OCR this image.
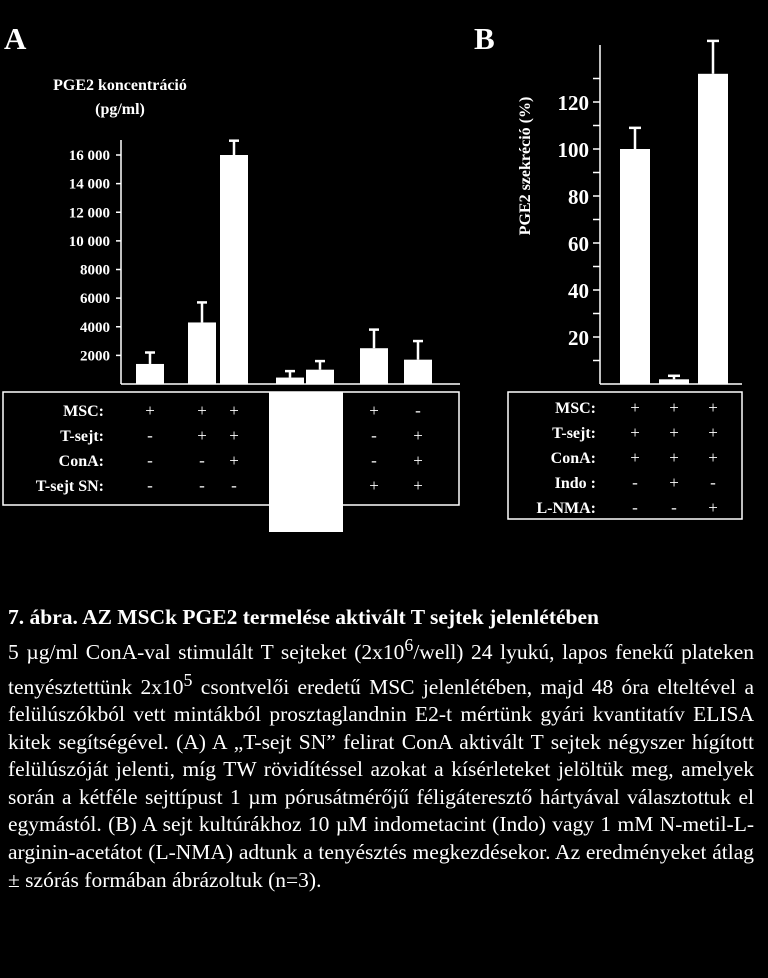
A
PGE2 koncentráció
(pg/ml)
2000
4000
6000
8000
10 000
12 000
14 000
16 000
MSC: + + +	+ -
T-sejt:	-	+ +	- +
ConA:	-	- +	- +
T-sejt SN:	-	- -	+ +
B
PGE2 szekréció (%)
20
40
60
80
100
120
MSC: + + +
T-sejt: + + +
ConA: + + +
Indo : - + -
L-NMA: - - +
7. ábra. AZ MSCk PGE2 termelése aktivált T sejtek jelenlétében
5 µg/ml ConA-val stimulált T sejteket $(2x10^6/well)$ 24 lyukú, lapos fenekű plateken tenyésztettünk $2x10^5$ csontvelői eredetű MSC jelenlétében, majd 48 óra elteltével a felülúszókból vett mintákból prosztaglandnin E2-t mértünk gyári kvantitatív ELISA kitek segítségével. (A) A „T-sejt SN” felirat ConA aktivált T sejtek négyszer hígított felülúszóját jelenti, míg TW rövidítéssel azokat a kísérleteket jelöltük meg, amelyek során a kétféle sejttípust 1 µm pórusátmérőjű féligáteresztő hártyával választottuk el egymástól. (B) A sejt kultúrákhoz 10 µM indometacint (Indo) vagy 1 mM N-metil-L-arginin-acetátot (L-NMA) adtunk a tenyésztés megkezdésekor. Az eredményeket átlag ± szórás formában ábrázoltuk (n=3).
